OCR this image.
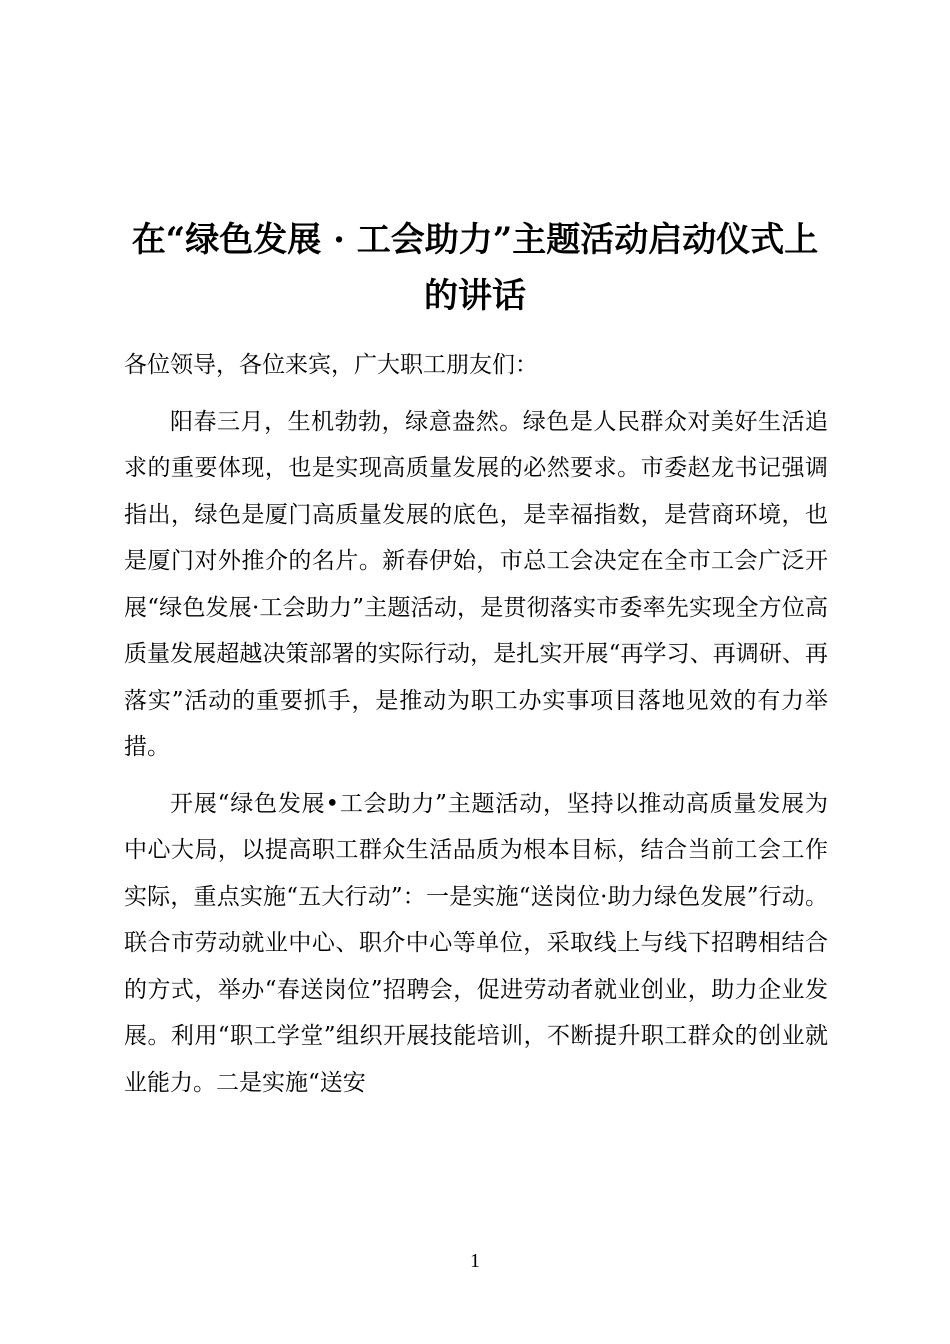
在“绿色发展 · 工会助力”主题活动启动仪式上的讲话

各位领导，各位来宾，广大职工朋友们：

阳春三月，生机勃勃，绿意盎然。绿色是人民群众对美好生活追求的重要体现，也是实现高质量发展的必然要求。市委赵龙书记强调指出，绿色是厦门高质量发展的底色，是幸福指数，是营商环境，也是厦门对外推介的名片。新春伊始，市总工会决定在全市工会广泛开展“绿色发展·工会助力”主题活动，是贯彻落实市委率先实现全方位高质量发展超越决策部署的实际行动，是扎实开展“再学习、再调研、再落实”活动的重要抓手，是推动为职工办实事项目落地见效的有力举措。

开展“绿色发展•工会助力”主题活动，坚持以推动高质量发展为中心大局，以提高职工群众生活品质为根本目标，结合当前工会工作实际，重点实施“五大行动”：一是实施“送岗位·助力绿色发展”行动。联合市劳动就业中心、职介中心等单位，采取线上与线下招聘相结合的方式，举办“春送岗位”招聘会，促进劳动者就业创业，助力企业发展。利用“职工学堂”组织开展技能培训，不断提升职工群众的创业就业能力。二是实施“送安

1
